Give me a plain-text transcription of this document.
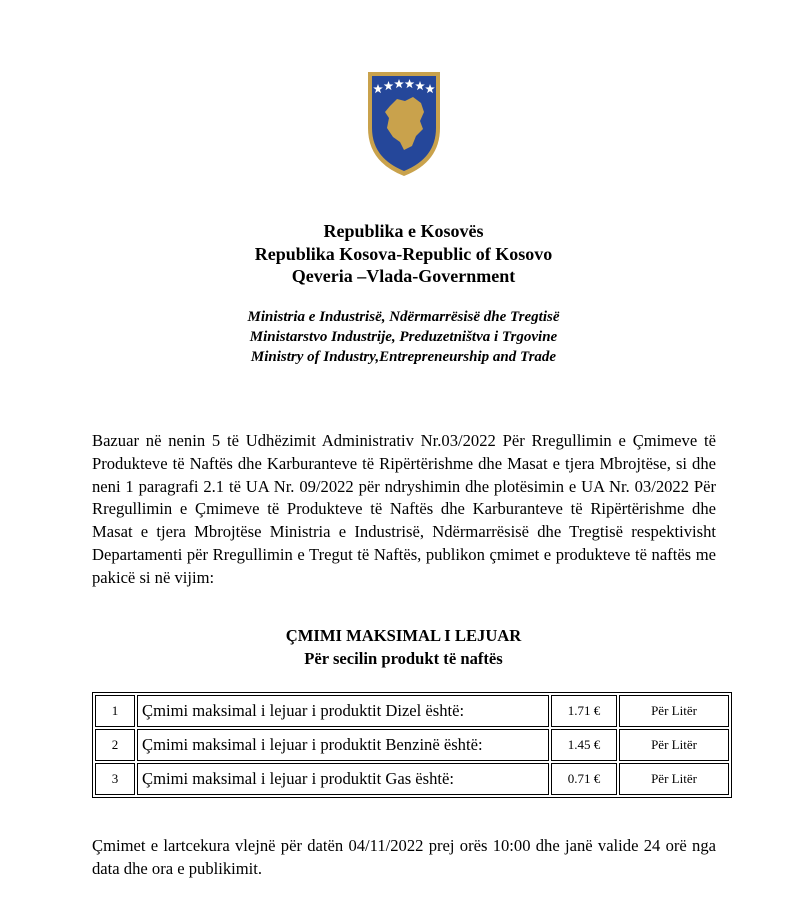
Republika e Kosovës
Republika Kosova-Republic of Kosovo
Qeveria –Vlada-Government
Ministria e Industrisë, Ndërmarrësisë dhe Tregtisë
Ministarstvo Industrije, Preduzetništva i Trgovine
Ministry of Industry,Entrepreneurship and Trade

Bazuar në nenin 5 të Udhëzimit Administrativ Nr.03/2022 Për Rregullimin e Çmimeve të Produkteve të Naftës dhe Karburanteve të Ripërtërishme dhe Masat e tjera Mbrojtëse, si dhe neni 1 paragrafi 2.1 të UA Nr. 09/2022 për ndryshimin dhe plotësimin e UA Nr. 03/2022 Për Rregullimin e Çmimeve të Produkteve të Naftës dhe Karburanteve të Ripërtërishme dhe Masat e tjera Mbrojtëse Ministria e Industrisë, Ndërmarrësisë dhe Tregtisë respektivisht Departamenti për Rregullimin e Tregut të Naftës, publikon çmimet e produkteve të naftës me pakicë si në vijim:

ÇMIMI MAKSIMAL I LEJUAR
Për secilin produkt të naftës
1	Çmimi maksimal i lejuar i produktit Dizel është:	1.71 €	Për Litër
2	Çmimi maksimal i lejuar i produktit Benzinë është:	1.45 €	Për Litër
3	Çmimi maksimal i lejuar i produktit Gas është:	0.71 €	Për Litër

Çmimet e lartcekura vlejnë për datën 04/11/2022 prej orës 10:00 dhe janë valide 24 orë nga data dhe ora e publikimit.
